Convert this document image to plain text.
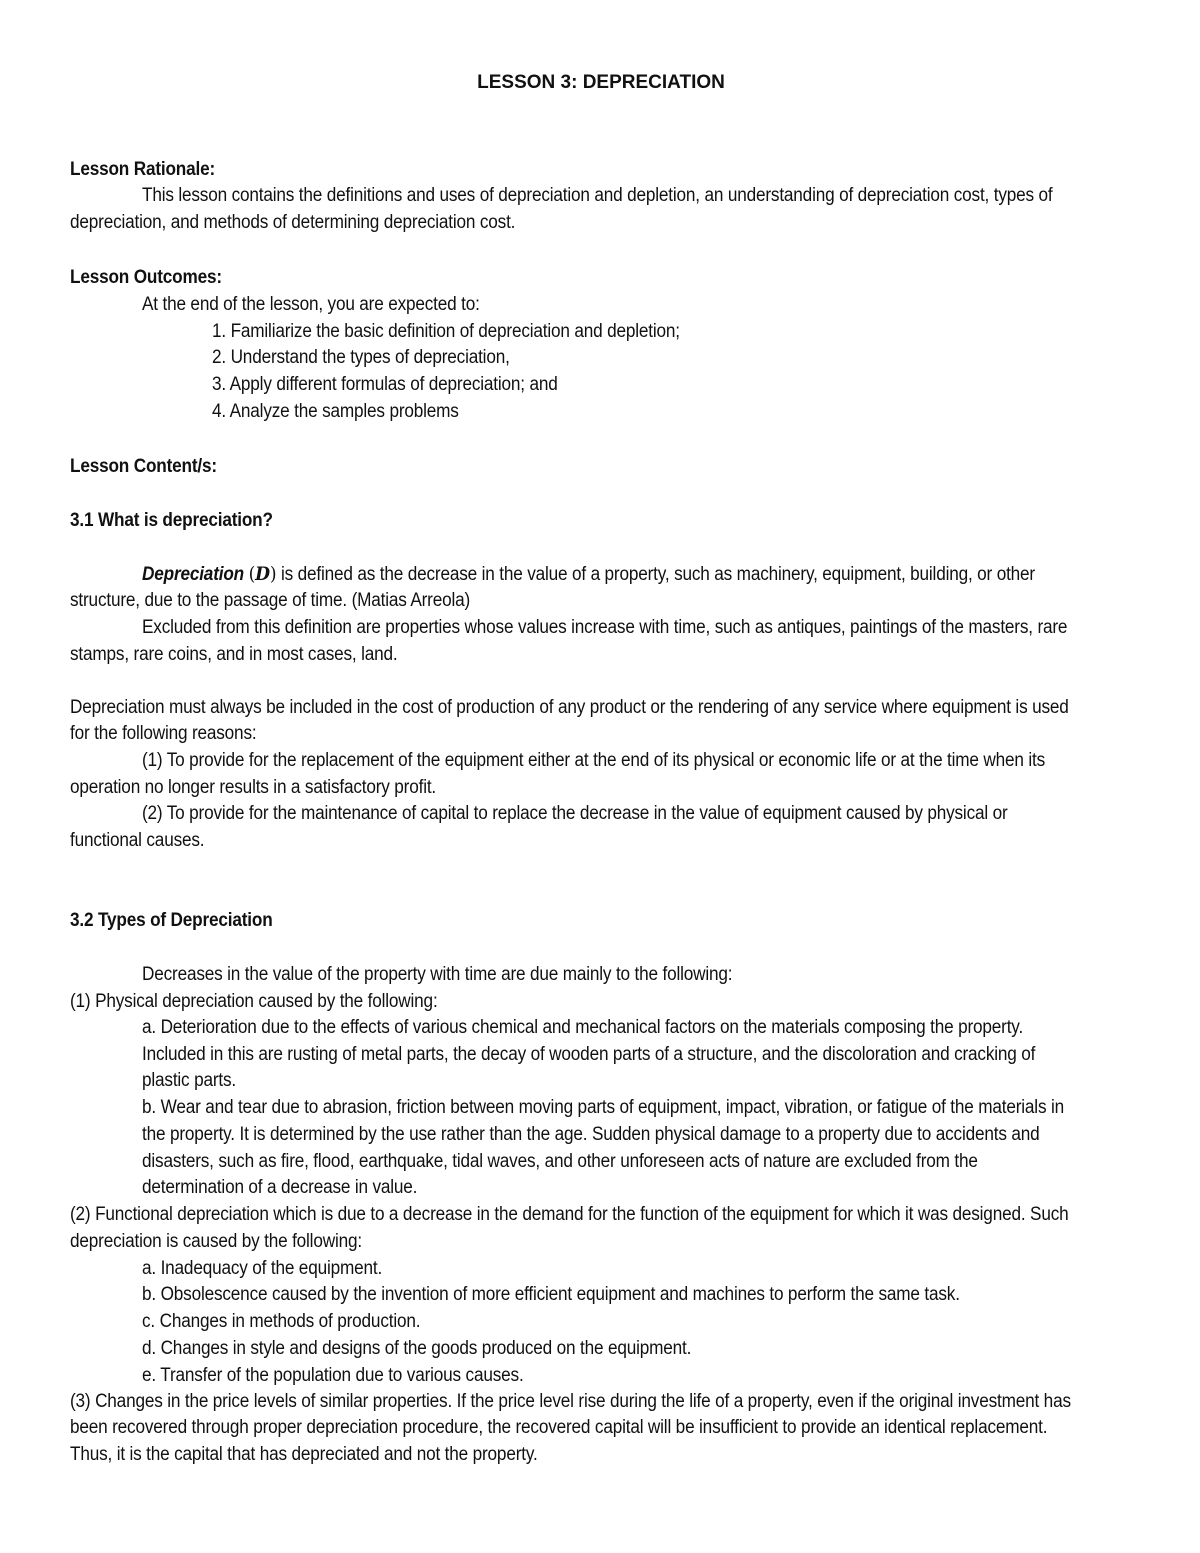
LESSON 3: DEPRECIATION
Lesson Rationale:
This lesson contains the definitions and uses of depreciation and depletion, an understanding of depreciation cost, types of
depreciation, and methods of determining depreciation cost.
Lesson Outcomes:
At the end of the lesson, you are expected to:
1. Familiarize the basic definition of depreciation and depletion;
2. Understand the types of depreciation,
3. Apply different formulas of depreciation; and
4. Analyze the samples problems
Lesson Content/s:
3.1 What is depreciation?
Depreciation (D) is defined as the decrease in the value of a property, such as machinery, equipment, building, or other
structure, due to the passage of time. (Matias Arreola)
Excluded from this definition are properties whose values increase with time, such as antiques, paintings of the masters, rare
stamps, rare coins, and in most cases, land.
Depreciation must always be included in the cost of production of any product or the rendering of any service where equipment is used
for the following reasons:
(1) To provide for the replacement of the equipment either at the end of its physical or economic life or at the time when its
operation no longer results in a satisfactory profit.
(2) To provide for the maintenance of capital to replace the decrease in the value of equipment caused by physical or
functional causes.
3.2 Types of Depreciation
Decreases in the value of the property with time are due mainly to the following:
(1) Physical depreciation caused by the following:
a. Deterioration due to the effects of various chemical and mechanical factors on the materials composing the property.
Included in this are rusting of metal parts, the decay of wooden parts of a structure, and the discoloration and cracking of
plastic parts.
b. Wear and tear due to abrasion, friction between moving parts of equipment, impact, vibration, or fatigue of the materials in
the property. It is determined by the use rather than the age. Sudden physical damage to a property due to accidents and
disasters, such as fire, flood, earthquake, tidal waves, and other unforeseen acts of nature are excluded from the
determination of a decrease in value.
(2) Functional depreciation which is due to a decrease in the demand for the function of the equipment for which it was designed. Such
depreciation is caused by the following:
a. Inadequacy of the equipment.
b. Obsolescence caused by the invention of more efficient equipment and machines to perform the same task.
c. Changes in methods of production.
d. Changes in style and designs of the goods produced on the equipment.
e. Transfer of the population due to various causes.
(3) Changes in the price levels of similar properties. If the price level rise during the life of a property, even if the original investment has
been recovered through proper depreciation procedure, the recovered capital will be insufficient to provide an identical replacement.
Thus, it is the capital that has depreciated and not the property.
